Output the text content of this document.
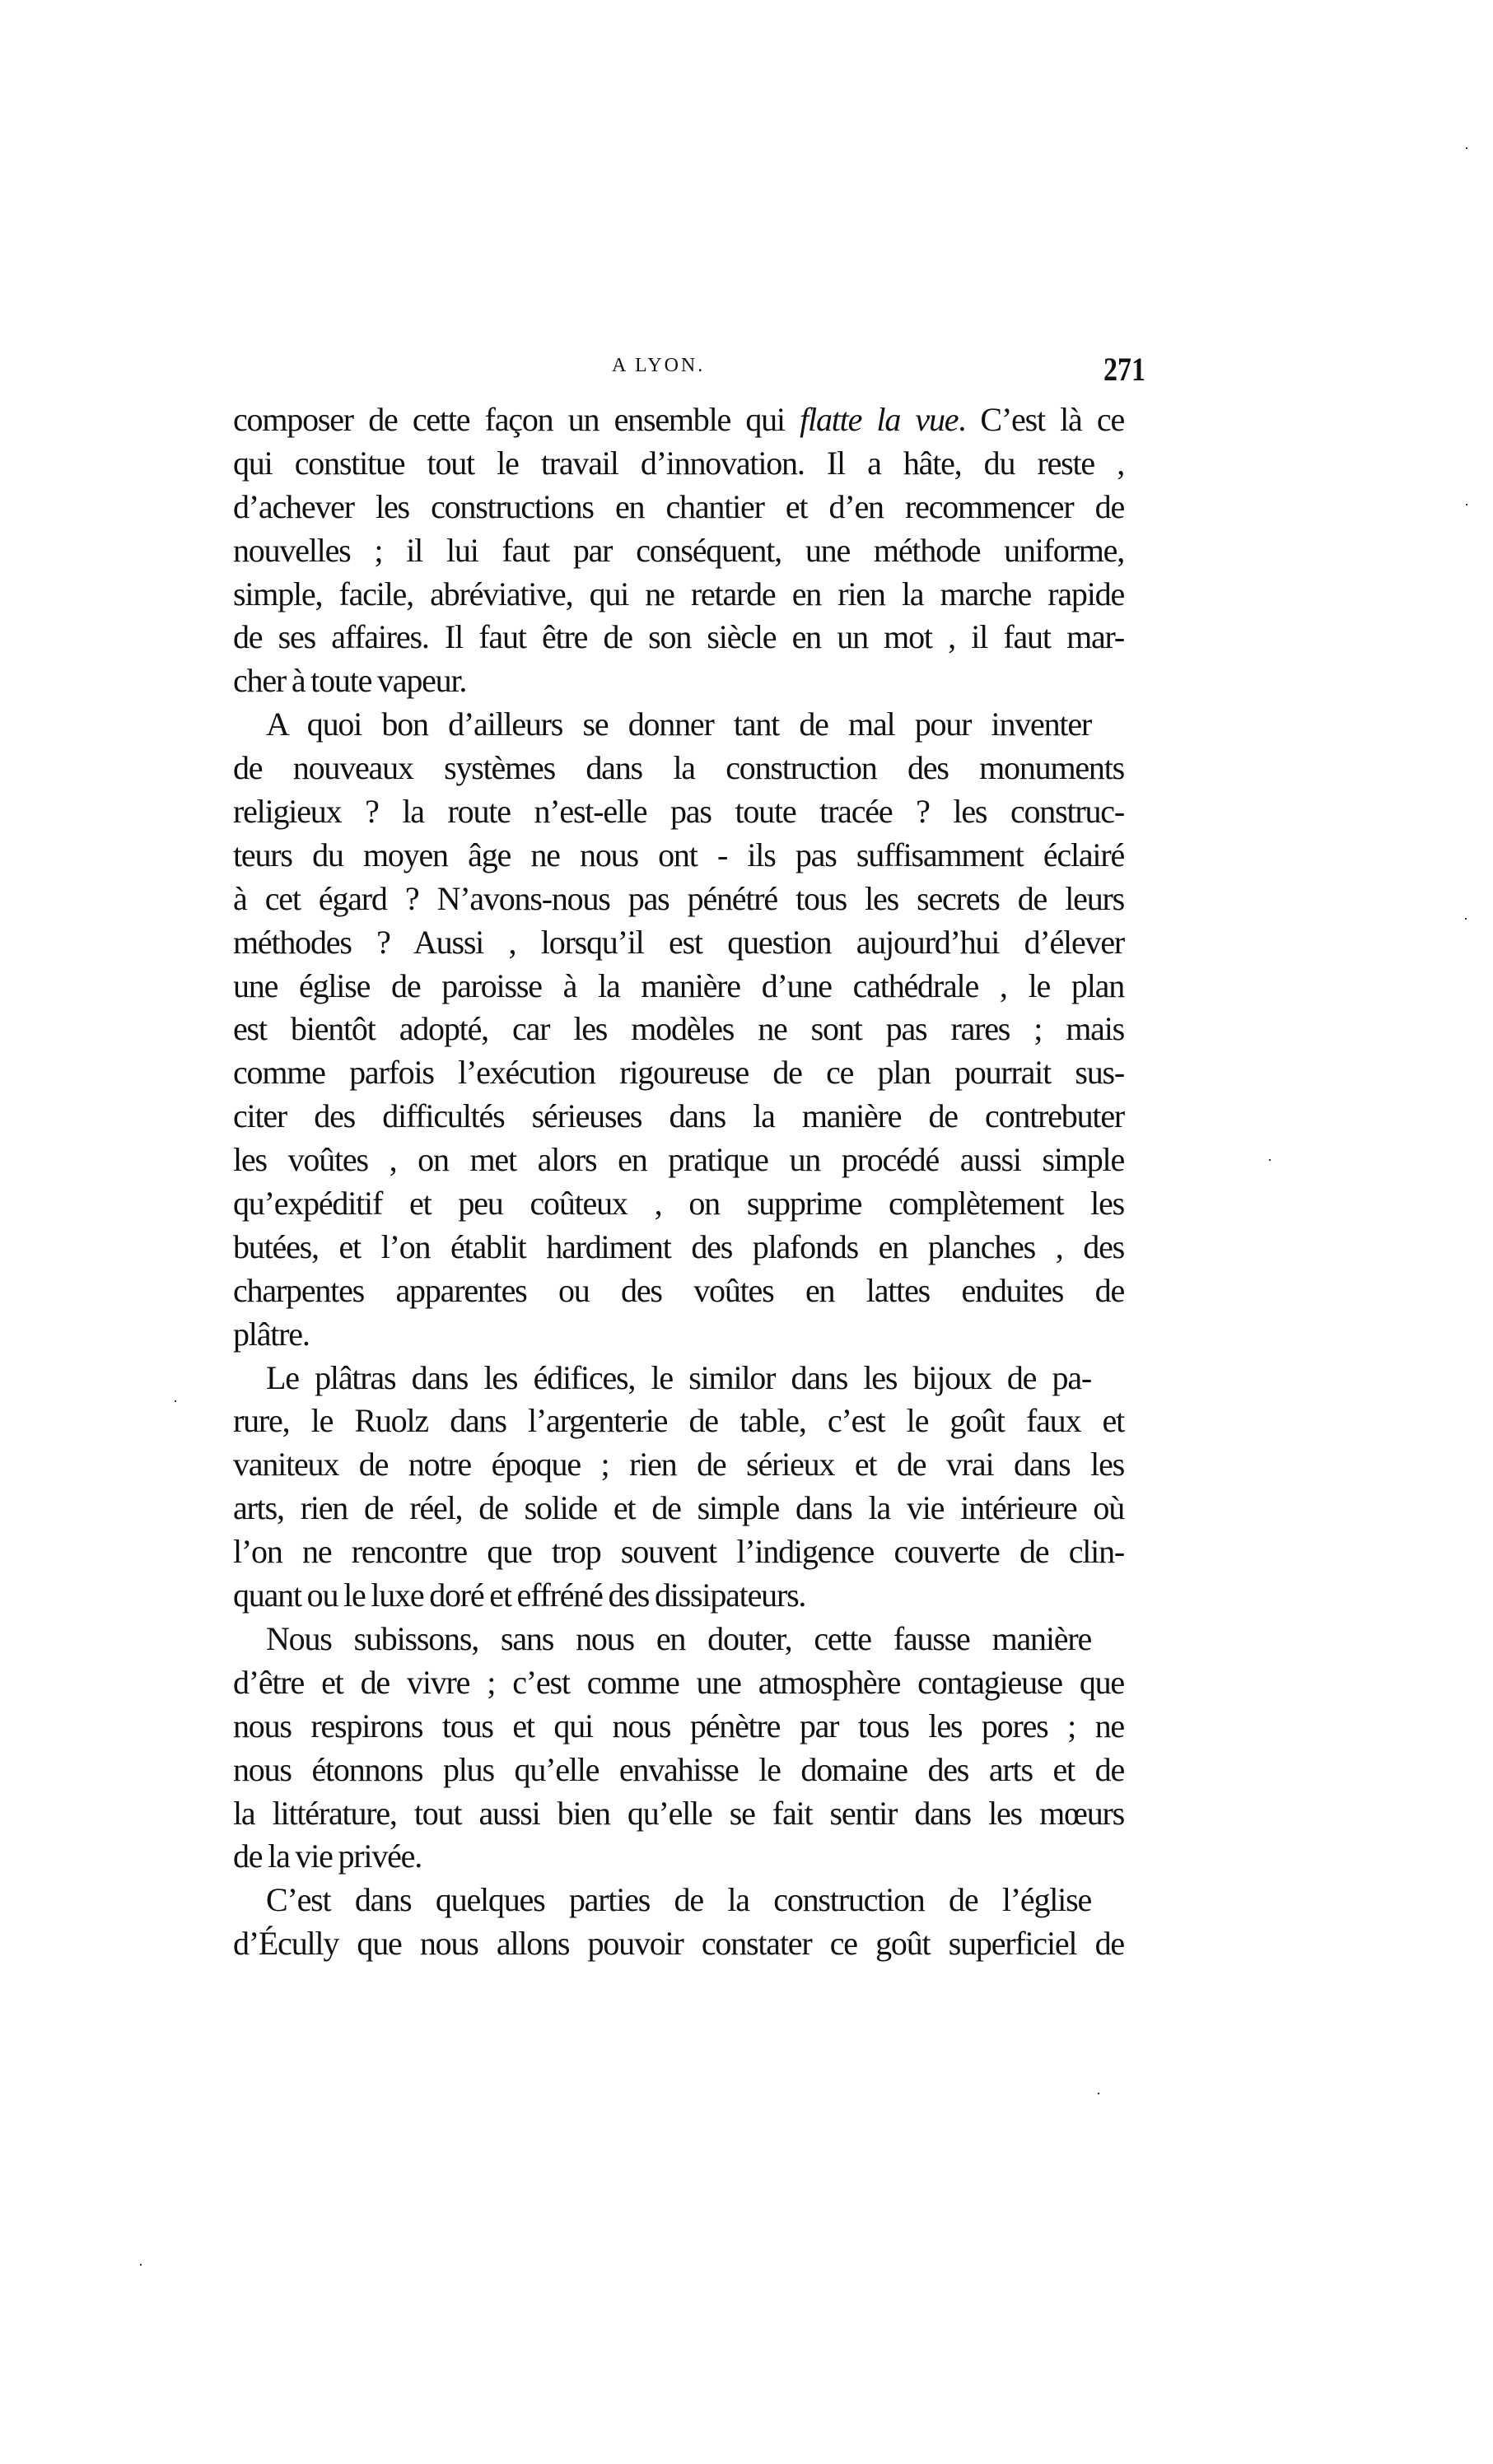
A LYON.	271
composer de cette façon un ensemble qui flatte la vue. C’est là ce
qui constitue tout le travail d’innovation. Il a hâte, du reste ,
d’achever les constructions en chantier et d’en recommencer de
nouvelles ; il lui faut par conséquent, une méthode uniforme,
simple, facile, abréviative, qui ne retarde en rien la marche rapide
de ses affaires. Il faut être de son siècle en un mot , il faut mar-
cher à toute vapeur.
A quoi bon d’ailleurs se donner tant de mal pour inventer
de nouveaux systèmes dans la construction des monuments
religieux ? la route n’est-elle pas toute tracée ? les construc-
teurs du moyen âge ne nous ont - ils pas suffisamment éclairé
à cet égard ? N’avons-nous pas pénétré tous les secrets de leurs
méthodes ? Aussi , lorsqu’il est question aujourd’hui d’élever
une église de paroisse à la manière d’une cathédrale , le plan
est bientôt adopté, car les modèles ne sont pas rares ; mais
comme parfois l’exécution rigoureuse de ce plan pourrait sus-
citer des difficultés sérieuses dans la manière de contrebuter
les voûtes , on met alors en pratique un procédé aussi simple
qu’expéditif et peu coûteux , on supprime complètement les
butées, et l’on établit hardiment des plafonds en planches , des
charpentes apparentes ou des voûtes en lattes enduites de
plâtre.
Le plâtras dans les édifices, le similor dans les bijoux de pa-
rure, le Ruolz dans l’argenterie de table, c’est le goût faux et
vaniteux de notre époque ; rien de sérieux et de vrai dans les
arts, rien de réel, de solide et de simple dans la vie intérieure où
l’on ne rencontre que trop souvent l’indigence couverte de clin-
quant ou le luxe doré et effréné des dissipateurs.
Nous subissons, sans nous en douter, cette fausse manière
d’être et de vivre ; c’est comme une atmosphère contagieuse que
nous respirons tous et qui nous pénètre par tous les pores ; ne
nous étonnons plus qu’elle envahisse le domaine des arts et de
la littérature, tout aussi bien qu’elle se fait sentir dans les mœurs
de la vie privée.
C’est dans quelques parties de la construction de l’église
d’Écully que nous allons pouvoir constater ce goût superficiel de
